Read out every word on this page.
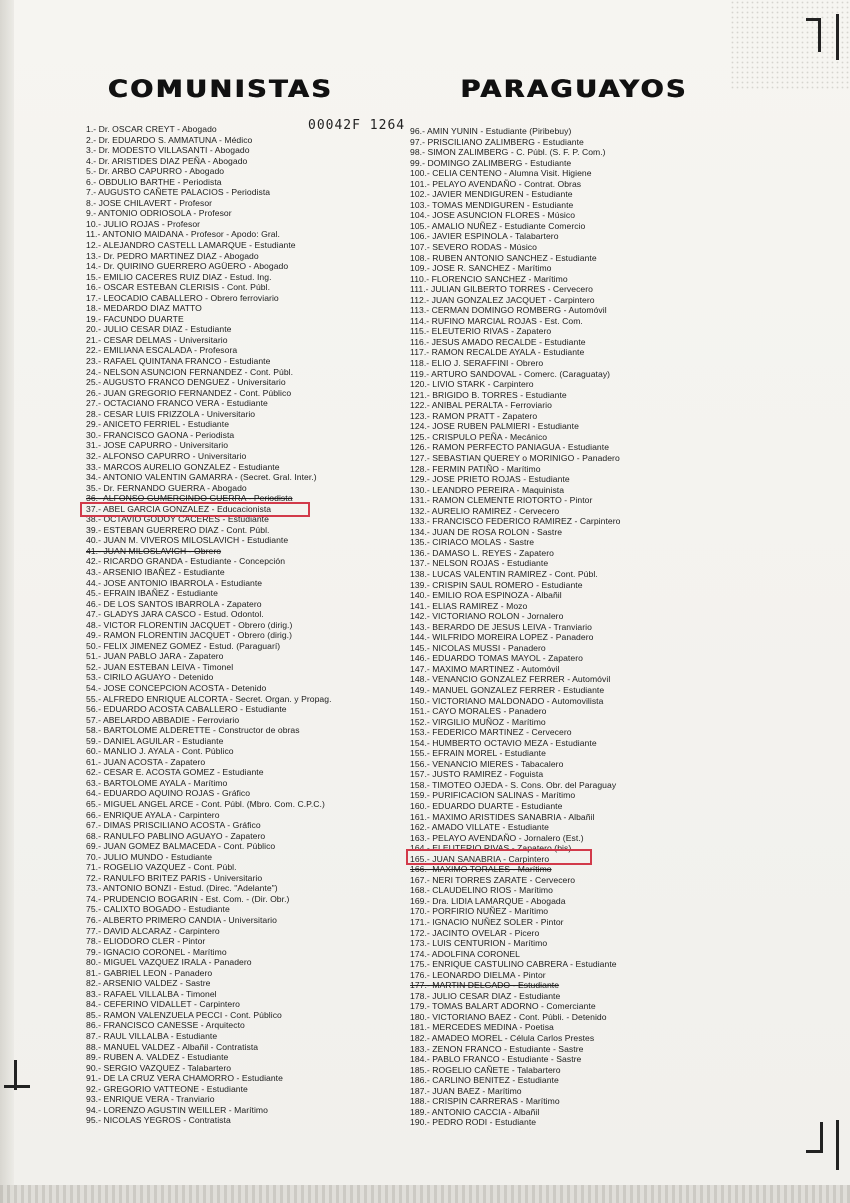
COMUNISTAS	PARAGUAYOS
00042F 1264
1.- Dr. OSCAR CREYT - Abogado
2.- Dr. EDUARDO S. AMMATUNA - Médico
3.- Dr. MODESTO VILLASANTI - Abogado
4.- Dr. ARISTIDES DIAZ PEÑA - Abogado
5.- Dr. ARBO CAPURRO - Abogado
6.- OBDULIO BARTHE - Periodista
7.- AUGUSTO CAÑETE PALACIOS - Periodista
8.- JOSE CHILAVERT - Profesor
9.- ANTONIO ODRIOSOLA - Profesor
10.- JULIO ROJAS - Profesor
11.- ANTONIO MAIDANA - Profesor - Apodo: Gral.
12.- ALEJANDRO CASTELL LAMARQUE - Estudiante
13.- Dr. PEDRO MARTINEZ DIAZ - Abogado
14.- Dr. QUIRINO GUERRERO AGÜERO - Abogado
15.- EMILIO CACERES RUIZ DIAZ - Estud. Ing.
16.- OSCAR ESTEBAN CLERISIS - Cont. Públ.
17.- LEOCADIO CABALLERO - Obrero ferroviario
18.- MEDARDO DIAZ MATTO
19.- FACUNDO DUARTE
20.- JULIO CESAR DIAZ - Estudiante
21.- CESAR DELMAS - Universitario
22.- EMILIANA ESCALADA - Profesora
23.- RAFAEL QUINTANA FRANCO - Estudiante
24.- NELSON ASUNCION FERNANDEZ - Cont. Públ.
25.- AUGUSTO FRANCO DENGUEZ - Universitario
26.- JUAN GREGORIO FERNANDEZ - Cont. Público
27.- OCTACIANO FRANCO VERA - Estudiante
28.- CESAR LUIS FRIZZOLA - Universitario
29.- ANICETO FERRIEL - Estudiante
30.- FRANCISCO GAONA - Periodista
31.- JOSE CAPURRO - Universitario
32.- ALFONSO CAPURRO - Universitario
33.- MARCOS AURELIO GONZALEZ - Estudiante
34.- ANTONIO VALENTIN GAMARRA - (Secret. Gral. Inter.)
35.- Dr. FERNANDO GUERRA - Abogado
36.- ALFONSO GUMERCINDO GUERRA - Periodista
37.- ABEL GARCIA GONZALEZ - Educacionista
38.- OCTAVIO GODOY CACERES - Estudiante
39.- ESTEBAN GUERRERO DIAZ - Cont. Públ.
40.- JUAN M. VIVEROS MILOSLAVICH - Estudiante
41.- JUAN MILOSLAVICH - Obrero
42.- RICARDO GRANDA - Estudiante - Concepción
43.- ARSENIO IBAÑEZ - Estudiante
44.- JOSE ANTONIO IBARROLA - Estudiante
45.- EFRAIN IBAÑEZ - Estudiante
46.- DE LOS SANTOS IBARROLA - Zapatero
47.- GLADYS JARA CASCO - Estud. Odontol.
48.- VICTOR FLORENTIN JACQUET - Obrero (dirig.)
49.- RAMON FLORENTIN JACQUET - Obrero (dirig.)
50.- FELIX JIMENEZ GOMEZ - Estud. (Paraguarí)
51.- JUAN PABLO JARA - Zapatero
52.- JUAN ESTEBAN LEIVA - Timonel
53.- CIRILO AGUAYO - Detenido
54.- JOSE CONCEPCION ACOSTA - Detenido
55.- ALFREDO ENRIQUE ALCORTA - Secret. Organ. y Propag.
56.- EDUARDO ACOSTA CABALLERO - Estudiante
57.- ABELARDO ABBADIE - Ferroviario
58.- BARTOLOME ALDERETTE - Constructor de obras
59.- DANIEL AGUILAR - Estudiante
60.- MANLIO J. AYALA - Cont. Público
61.- JUAN ACOSTA - Zapatero
62.- CESAR E. ACOSTA GOMEZ - Estudiante
63.- BARTOLOME AYALA - Marítimo
64.- EDUARDO AQUINO ROJAS - Gráfico
65.- MIGUEL ANGEL ARCE - Cont. Públ. (Mbro. Com. C.P.C.)
66.- ENRIQUE AYALA - Carpintero
67.- DIMAS PRISCILIANO ACOSTA - Gráfico
68.- RANULFO PABLINO AGUAYO - Zapatero
69.- JUAN GOMEZ BALMACEDA - Cont. Público
70.- JULIO MUNDO - Estudiante
71.- ROGELIO VAZQUEZ - Cont. Públ.
72.- RANULFO BRITEZ PARIS - Universitario
73.- ANTONIO BONZI - Estud. (Direc. "Adelante")
74.- PRUDENCIO BOGARIN - Est. Com. - (Dir. Obr.)
75.- CALIXTO BOGADO - Estudiante
76.- ALBERTO PRIMERO CANDIA - Universitario
77.- DAVID ALCARAZ - Carpintero
78.- ELIODORO CLER - Pintor
79.- IGNACIO CORONEL - Marítimo
80.- MIGUEL VAZQUEZ IRALA - Panadero
81.- GABRIEL LEON - Panadero
82.- ARSENIO VALDEZ - Sastre
83.- RAFAEL VILLALBA - Timonel
84.- CEFERINO VIDALLET - Carpintero
85.- RAMON VALENZUELA PECCI - Cont. Público
86.- FRANCISCO CANESSE - Arquitecto
87.- RAUL VILLALBA - Estudiante
88.- MANUEL VALDEZ - Albañil - Contratista
89.- RUBEN A. VALDEZ - Estudiante
90.- SERGIO VAZQUEZ - Talabartero
91.- DE LA CRUZ VERA CHAMORRO - Estudiante
92.- GREGORIO VATTEONE - Estudiante
93.- ENRIQUE VERA - Tranviario
94.- LORENZO AGUSTIN WEILLER - Marítimo
95.- NICOLAS YEGROS - Contratista
96.- AMIN YUNIN - Estudiante (Piribebuy)
97.- PRISCILIANO ZALIMBERG - Estudiante
98.- SIMON ZALIMBERG - C. Públ. (S. F. P. Com.)
99.- DOMINGO ZALIMBERG - Estudiante
100.- CELIA CENTENO - Alumna Visit. Higiene
101.- PELAYO AVENDAÑO - Contrat. Obras
102.- JAVIER MENDIGUREN - Estudiante
103.- TOMAS MENDIGUREN - Estudiante
104.- JOSE ASUNCION FLORES - Músico
105.- AMALIO NUÑEZ - Estudiante Comercio
106.- JAVIER ESPINOLA - Talabartero
107.- SEVERO RODAS - Músico
108.- RUBEN ANTONIO SANCHEZ - Estudiante
109.- JOSE R. SANCHEZ - Marítimo
110.- FLORENCIO SANCHEZ - Marítimo
111.- JULIAN GILBERTO TORRES - Cervecero
112.- JUAN GONZALEZ JACQUET - Carpintero
113.- CERMAN DOMINGO ROMBERG - Automóvil
114.- RUFINO MARCIAL ROJAS - Est. Com.
115.- ELEUTERIO RIVAS - Zapatero
116.- JESUS AMADO RECALDE - Estudiante
117.- RAMON RECALDE AYALA - Estudiante
118.- ELIO J. SERAFFINI - Obrero
119.- ARTURO SANDOVAL - Comerc. (Caraguatay)
120.- LIVIO STARK - Carpintero
121.- BRIGIDO B. TORRES - Estudiante
122.- ANIBAL PERALTA - Ferroviario
123.- RAMON PRATT - Zapatero
124.- JOSE RUBEN PALMIERI - Estudiante
125.- CRISPULO PEÑA - Mecánico
126.- RAMON PERFECTO PANIAGUA - Estudiante
127.- SEBASTIAN QUEREY o MORINIGO - Panadero
128.- FERMIN PATIÑO - Marítimo
129.- JOSE PRIETO ROJAS - Estudiante
130.- LEANDRO PEREIRA - Maquinista
131.- RAMON CLEMENTE RIOTORTO - Pintor
132.- AURELIO RAMIREZ - Cervecero
133.- FRANCISCO FEDERICO RAMIREZ - Carpintero
134.- JUAN DE ROSA ROLON - Sastre
135.- CIRIACO MOLAS - Sastre
136.- DAMASO L. REYES - Zapatero
137.- NELSON ROJAS - Estudiante
138.- LUCAS VALENTIN RAMIREZ - Cont. Públ.
139.- CRISPIN SAUL ROMERO - Estudiante
140.- EMILIO ROA ESPINOZA - Albañil
141.- ELIAS RAMIREZ - Mozo
142.- VICTORIANO ROLON - Jornalero
143.- BERARDO DE JESUS LEIVA - Tranviario
144.- WILFRIDO MOREIRA LOPEZ - Panadero
145.- NICOLAS MUSSI - Panadero
146.- EDUARDO TOMAS MAYOL - Zapatero
147.- MAXIMO MARTINEZ - Automóvil
148.- VENANCIO GONZALEZ FERRER - Automóvil
149.- MANUEL GONZALEZ FERRER - Estudiante
150.- VICTORIANO MALDONADO - Automovilista
151.- CAYO MORALES - Panadero
152.- VIRGILIO MUÑOZ - Marítimo
153.- FEDERICO MARTINEZ - Cervecero
154.- HUMBERTO OCTAVIO MEZA - Estudiante
155.- EFRAIN MOREL - Estudiante
156.- VENANCIO MIERES - Tabacalero
157.- JUSTO RAMIREZ - Foguista
158.- TIMOTEO OJEDA - S. Cons. Obr. del Paraguay
159.- PURIFICACION SALINAS - Marítimo
160.- EDUARDO DUARTE - Estudiante
161.- MAXIMO ARISTIDES SANABRIA - Albañil
162.- AMADO VILLATE - Estudiante
163.- PELAYO AVENDAÑO - Jornalero (Est.)
164.- ELEUTERIO RIVAS - Zapatero (bis)
165.- JUAN SANABRIA - Carpintero
166.- MAXIMO TORALES - Marítimo
167.- NERI TORRES ZARATE - Cervecero
168.- CLAUDELINO RIOS - Marítimo
169.- Dra. LIDIA LAMARQUE - Abogada
170.- PORFIRIO NUÑEZ - Marítimo
171.- IGNACIO NUÑEZ SOLER - Pintor
172.- JACINTO OVELAR - Picero
173.- LUIS CENTURION - Marítimo
174.- ADOLFINA CORONEL
175.- ENRIQUE CASTULINO CABRERA - Estudiante
176.- LEONARDO DIELMA - Pintor
177.- MARTIN DELGADO - Estudiante
178.- JULIO CESAR DIAZ - Estudiante
179.- TOMAS BALART ADORNO - Comerciante
180.- VICTORIANO BAEZ - Cont. Públi. - Detenido
181.- MERCEDES MEDINA - Poetisa
182.- AMADEO MOREL - Célula Carlos Prestes
183.- ZENON FRANCO - Estudiante - Sastre
184.- PABLO FRANCO - Estudiante - Sastre
185.- ROGELIO CAÑETE - Talabartero
186.- CARLINO BENITEZ - Estudiante
187.- JUAN BAEZ - Marítimo
188.- CRISPIN CARRERAS - Marítimo
189.- ANTONIO CACCIA - Albañil
190.- PEDRO RODI - Estudiante
